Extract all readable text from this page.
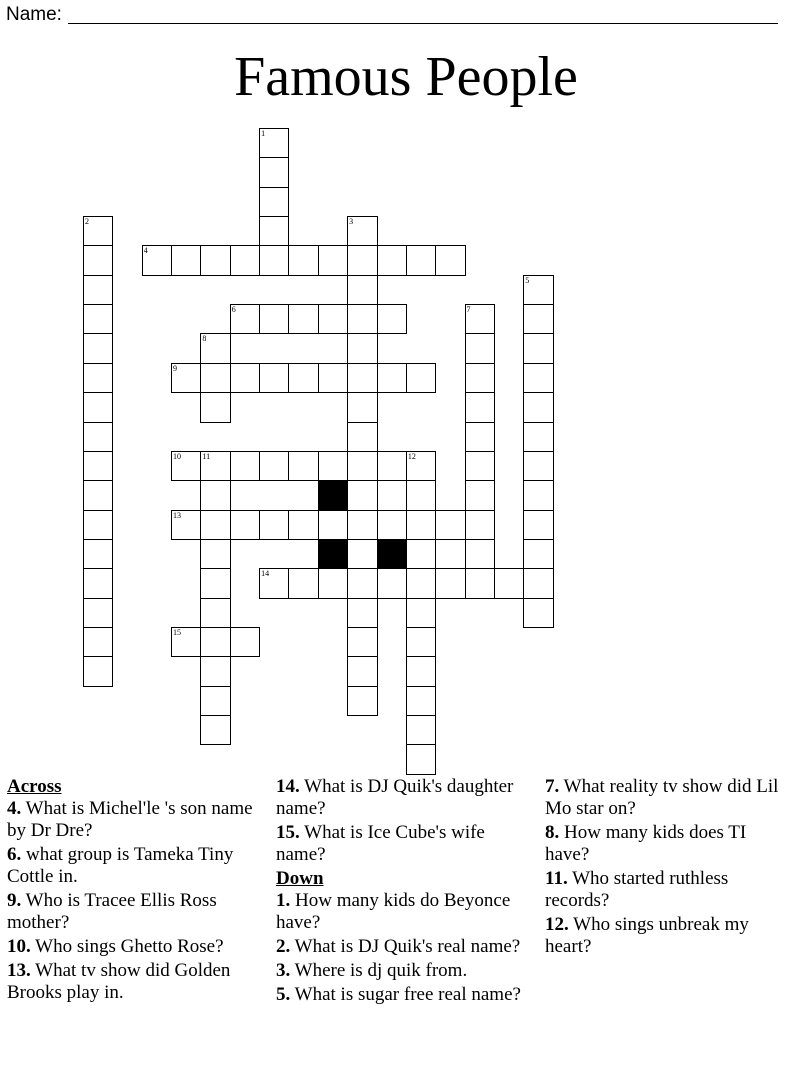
Name:
Famous People
1
2	3
4
5
6	7
8
9
10	11	12
13
14
15
Across
4. What is Michel'le 's son name by Dr Dre?
6. what group is Tameka Tiny Cottle in.
9. Who is Tracee Ellis Ross mother?
10. Who sings Ghetto Rose?
13. What tv show did Golden Brooks play in.
14. What is DJ Quik's daughter name?
15. What is Ice Cube's wife name?
Down
1. How many kids do Beyonce have?
2. What is DJ Quik's real name?
3. Where is dj quik from.
5. What is sugar free real name?
7. What reality tv show did Lil Mo star on?
8. How many kids does TI have?
11. Who started ruthless records?
12. Who sings unbreak my heart?
